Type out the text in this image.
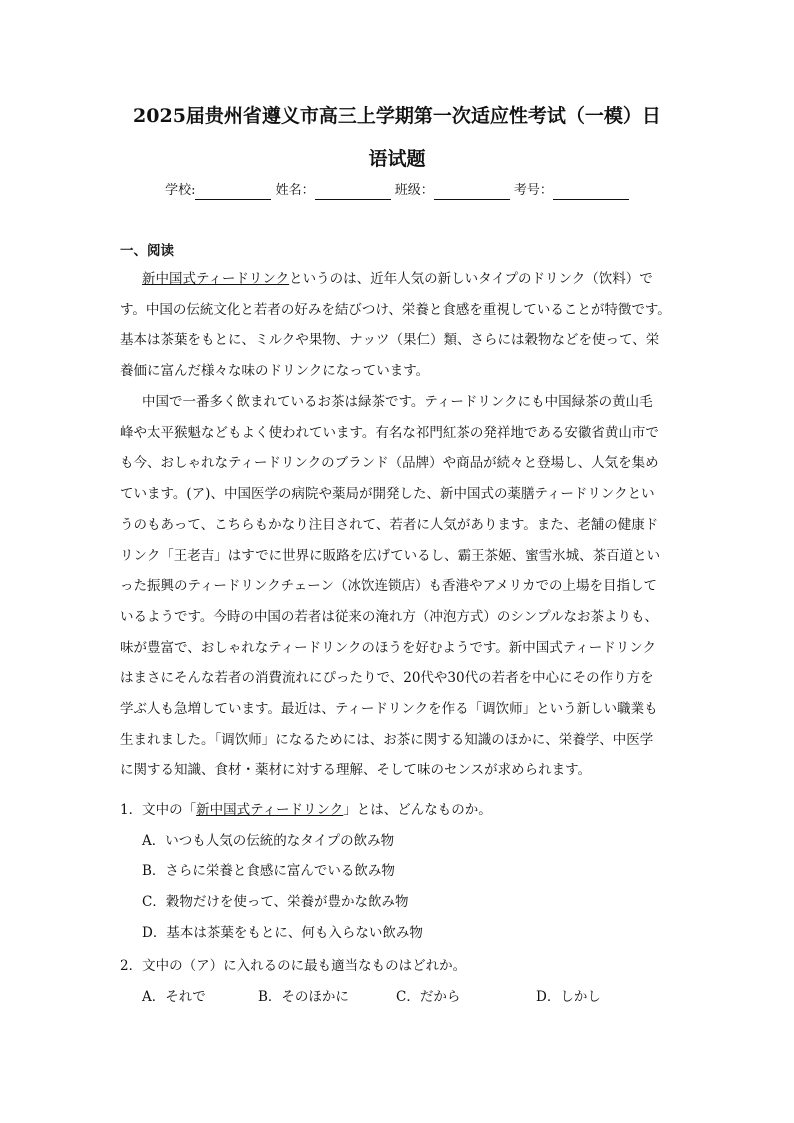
2025届贵州省遵义市高三上学期第一次适应性考试（一模）日
语试题
学校:	姓名：	班级：	考号：
一、阅读
新中国式ティードリンクというのは、近年人気の新しいタイプのドリンク（饮料）で
す。中国の伝統文化と若者の好みを結びつけ、栄養と食感を重視していることが特徴です。
基本は茶葉をもとに、ミルクや果物、ナッツ（果仁）類、さらには穀物などを使って、栄
養価に富んだ様々な味のドリンクになっています。
中国で一番多く飲まれているお茶は緑茶です。ティードリンクにも中国緑茶の黄山毛
峰や太平猴魁などもよく使われています。有名な祁門紅茶の発祥地である安徽省黄山市で
も今、おしゃれなティードリンクのブランド（品牌）や商品が続々と登場し、人気を集め
ています。(ア)、中国医学の病院や薬局が開発した、新中国式の薬膳ティードリンクとい
うのもあって、こちらもかなり注目されて、若者に人気があります。また、老舗の健康ド
リンク「王老吉」はすでに世界に販路を広げているし、霸王茶姬、蜜雪氷城、茶百道とい
った振興のティードリンクチェーン（冰饮连锁店）も香港やアメリカでの上場を目指して
いるようです。今時の中国の若者は従来の淹れ方（冲泡方式）のシンプルなお茶よりも、
味が豊富で、おしゃれなティードリンクのほうを好むようです。新中国式ティードリンク
はまさにそんな若者の消費流れにぴったりで、20代や30代の若者を中心にその作り方を
学ぶ人も急増しています。最近は、ティードリンクを作る「调饮师」という新しい職業も
生まれました。「调饮师」になるためには、お茶に関する知識のほかに、栄養学、中医学
に関する知識、食材・薬材に対する理解、そして味のセンスが求められます。
1．文中の「新中国式ティードリンク」とは、どんなものか。
A．いつも人気の伝統的なタイプの飲み物
B．さらに栄養と食感に富んでいる飲み物
C．穀物だけを使って、栄養が豊かな飲み物
D．基本は茶葉をもとに、何も入らない飲み物
2．文中の（ア）に入れるのに最も適当なものはどれか。
A．それで	B．そのほかに	C．だから	D．しかし
